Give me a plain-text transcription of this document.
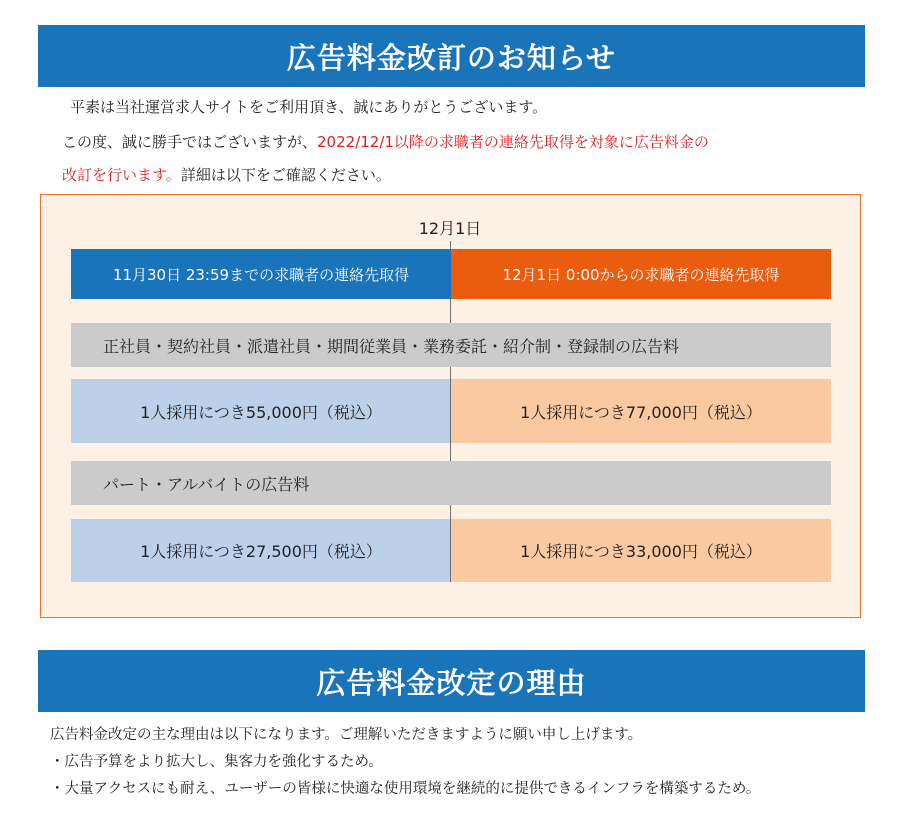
広告料金改訂のお知らせ
平素は当社運営求人サイトをご利用頂き、誠にありがとうございます。
この度、誠に勝手ではございますが、2022/12/1以降の求職者の連絡先取得を対象に広告料金の
改訂を行います。詳細は以下をご確認ください。
12月1日
11月30日 23:59までの求職者の連絡先取得	12月1日 0:00からの求職者の連絡先取得
正社員・契約社員・派遣社員・期間従業員・業務委託・紹介制・登録制の広告料
1人採用につき55,000円（税込）	1人採用につき77,000円（税込）
パート・アルバイトの広告料
1人採用につき27,500円（税込）	1人採用につき33,000円（税込）
広告料金改定の理由
広告料金改定の主な理由は以下になります。ご理解いただきますように願い申し上げます。
・広告予算をより拡大し、集客力を強化するため。
・大量アクセスにも耐え、ユーザーの皆様に快適な使用環境を継続的に提供できるインフラを構築するため。
